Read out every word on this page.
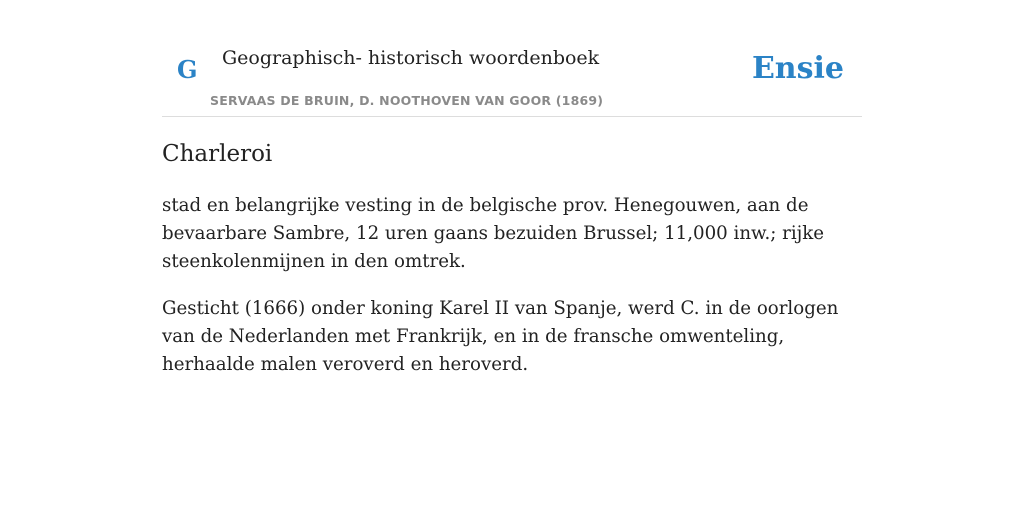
G Geographisch- historisch woordenboek
SERVAAS DE BRUIN, D. NOOTHOVEN VAN GOOR (1869)
Ensie
Charleroi

stad en belangrijke vesting in de belgische prov. Henegouwen, aan de bevaarbare Sambre, 12 uren gaans bezuiden Brussel; 11,000 inw.; rijke steenkolenmijnen in den omtrek.

Gesticht (1666) onder koning Karel II van Spanje, werd C. in de oorlogen van de Nederlanden met Frankrijk, en in de fransche omwenteling, herhaalde malen veroverd en heroverd.
